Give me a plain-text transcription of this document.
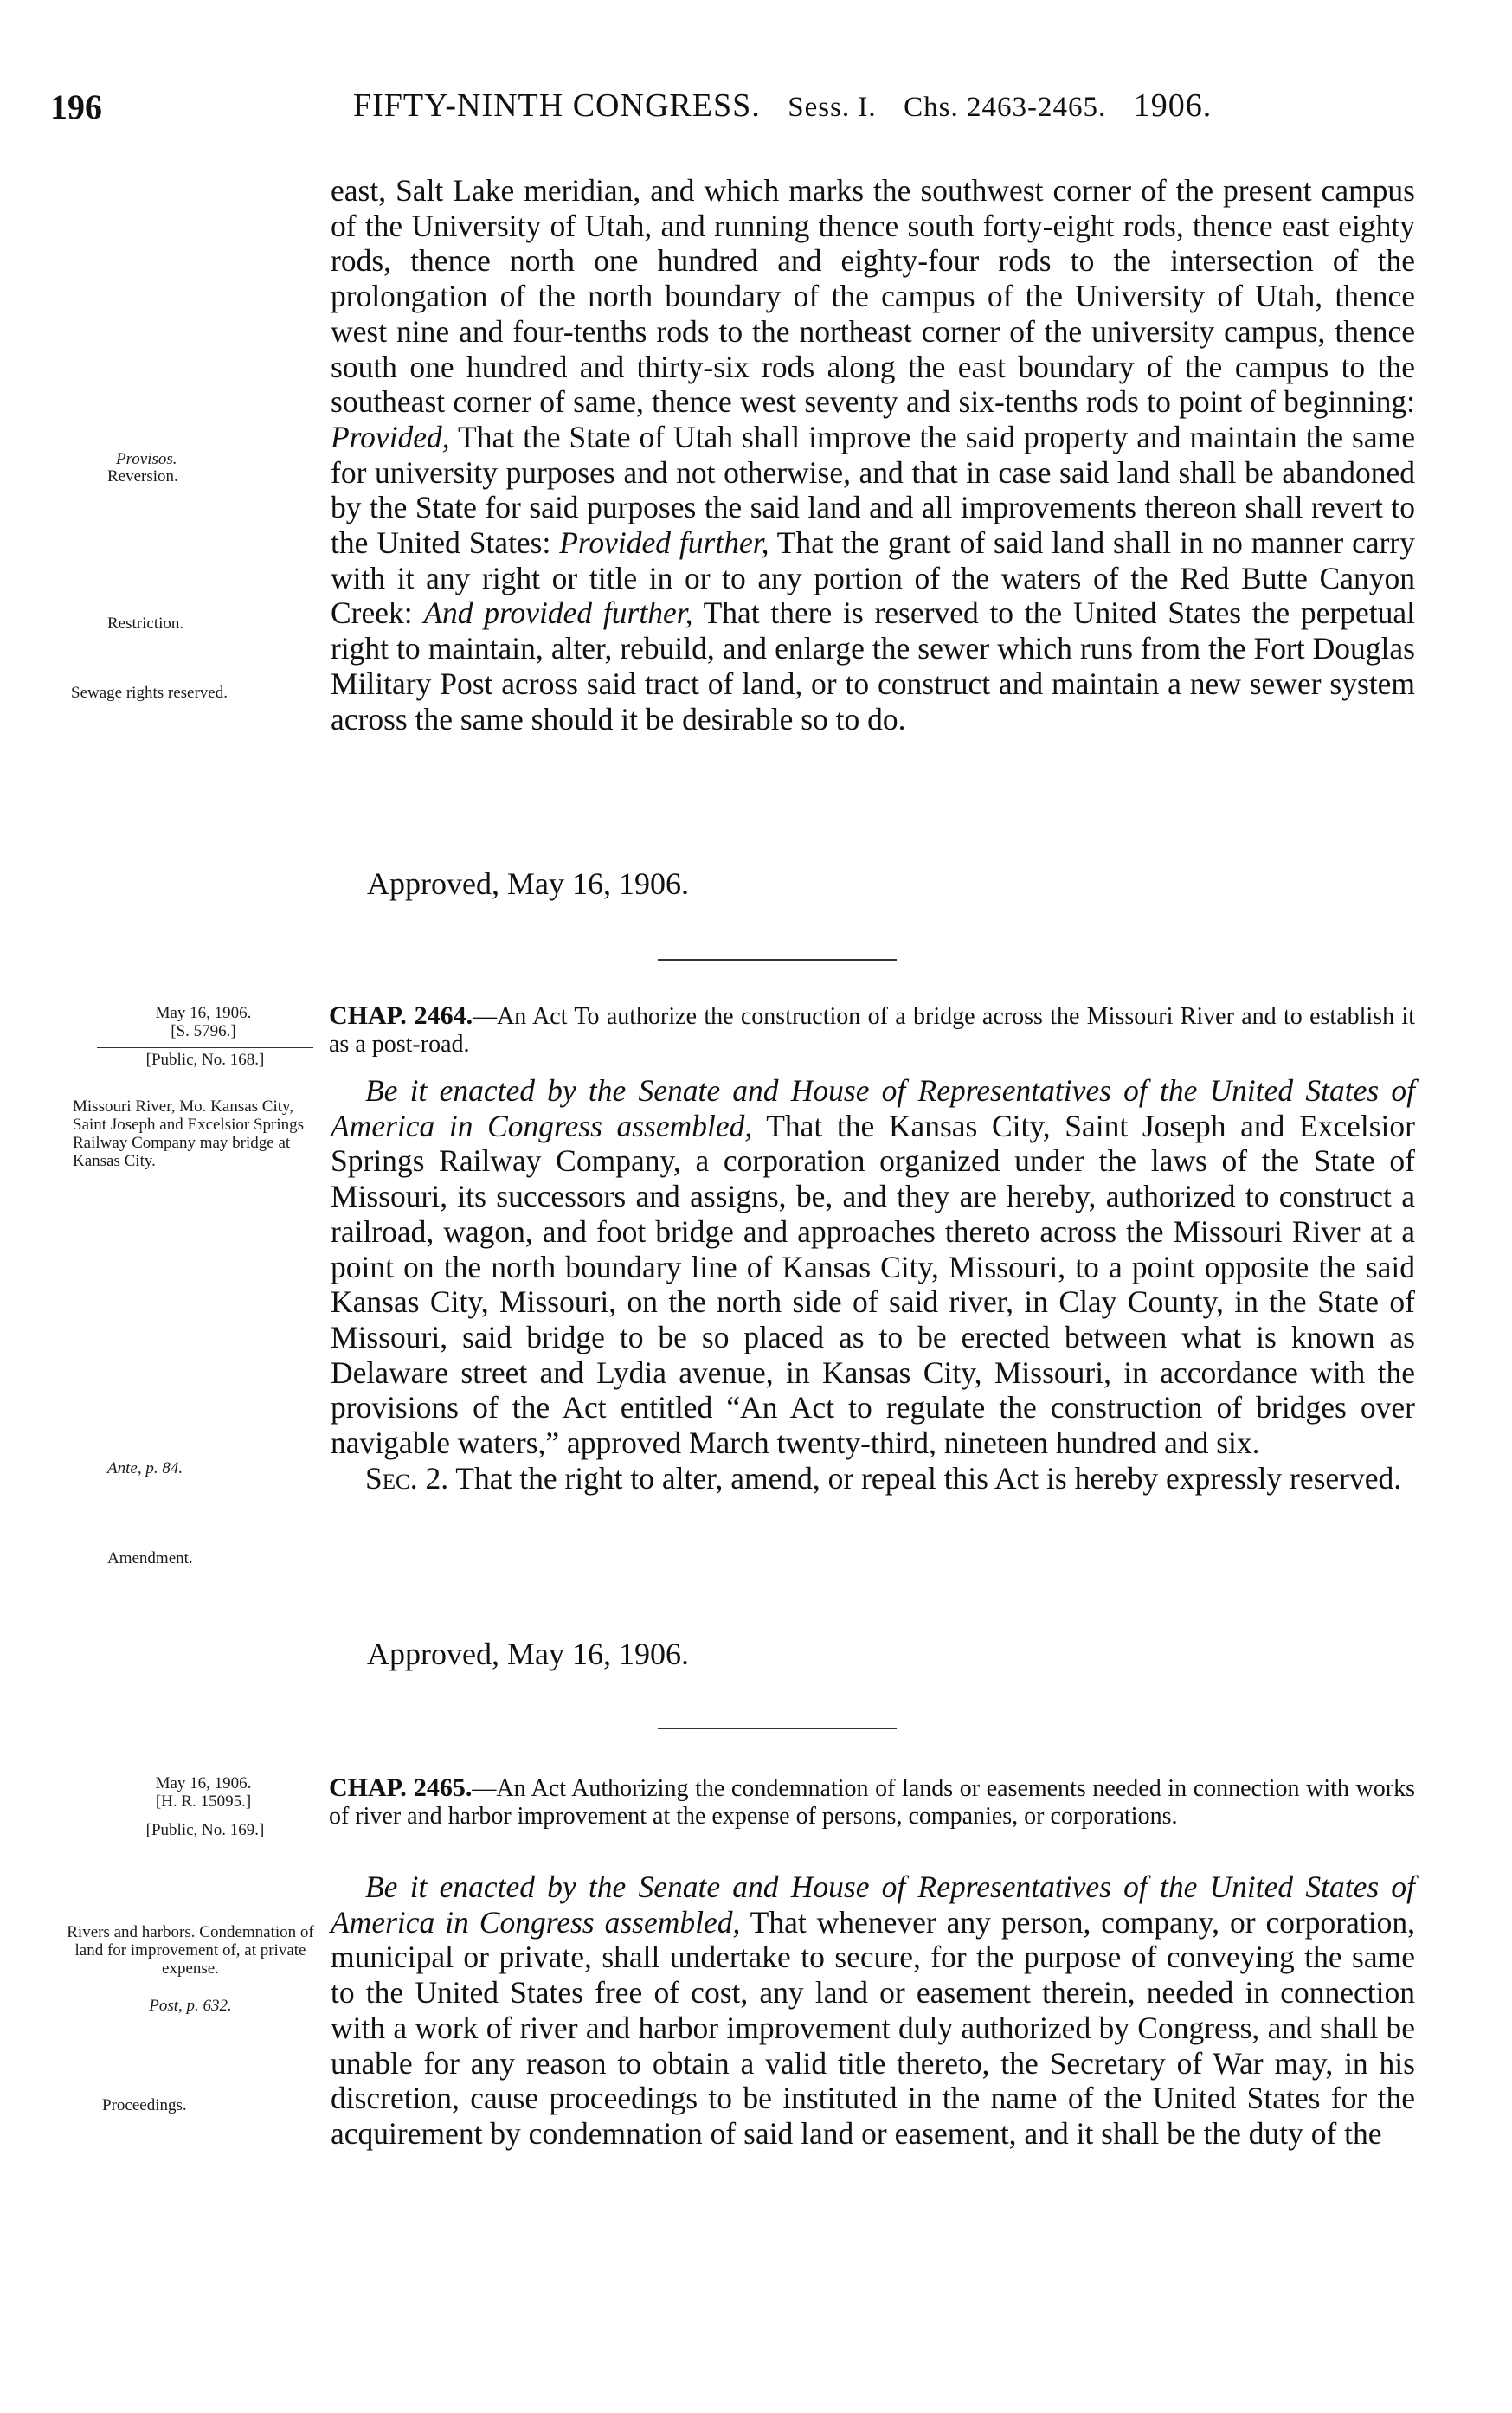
196	FIFTY-NINTH CONGRESS. Sess. I. Chs. 2463-2465. 1906.

east, Salt Lake meridian, and which marks the southwest corner of the present campus of the University of Utah, and running thence south forty-eight rods, thence east eighty rods, thence north one hundred and eighty-four rods to the intersection of the prolongation of the north boundary of the campus of the University of Utah, thence west nine and four-tenths rods to the northeast corner of the university campus, thence south one hundred and thirty-six rods along the east boundary of the campus to the southeast corner of same, thence west seventy and six-tenths rods to point of beginning: Provided, That the State of Utah shall improve the said property and maintain the same for university purposes and not otherwise, and that in case said land shall be abandoned by the State for said purposes the said land and all improvements thereon shall revert to the United States: Provided further, That the grant of said land shall in no manner carry with it any right or title in or to any portion of the waters of the Red Butte Canyon Creek: And provided further, That there is reserved to the United States the perpetual right to maintain, alter, rebuild, and enlarge the sewer which runs from the Fort Douglas Military Post across said tract of land, or to construct and maintain a new sewer system across the same should it be desirable so to do.

Approved, May 16, 1906.
Provisos.
Reversion.
Restriction.
Sewage rights reserved.
May 16, 1906.
[S. 5796.]
[Public, No. 168.]
Missouri River, Mo. Kansas City, Saint Joseph and Excelsior Springs Railway Company may bridge at Kansas City.
Ante, p. 84.
Amendment.
CHAP. 2464.—An Act To authorize the construction of a bridge across the Missouri River and to establish it as a post-road.

Be it enacted by the Senate and House of Representatives of the United States of America in Congress assembled, That the Kansas City, Saint Joseph and Excelsior Springs Railway Company, a corporation organized under the laws of the State of Missouri, its successors and assigns, be, and they are hereby, authorized to construct a railroad, wagon, and foot bridge and approaches thereto across the Missouri River at a point on the north boundary line of Kansas City, Missouri, to a point opposite the said Kansas City, Missouri, on the north side of said river, in Clay County, in the State of Missouri, said bridge to be so placed as to be erected between what is known as Delaware street and Lydia avenue, in Kansas City, Missouri, in accordance with the provisions of the Act entitled “An Act to regulate the construction of bridges over navigable waters,” approved March twenty-third, nineteen hundred and six.

Sec. 2. That the right to alter, amend, or repeal this Act is hereby expressly reserved.

Approved, May 16, 1906.
May 16, 1906.
[H. R. 15095.]
[Public, No. 169.]
Rivers and harbors. Condemnation of land for improvement of, at private expense.
Post, p. 632.
Proceedings.
CHAP. 2465.—An Act Authorizing the condemnation of lands or easements needed in connection with works of river and harbor improvement at the expense of persons, companies, or corporations.

Be it enacted by the Senate and House of Representatives of the United States of America in Congress assembled, That whenever any person, company, or corporation, municipal or private, shall undertake to secure, for the purpose of conveying the same to the United States free of cost, any land or easement therein, needed in connection with a work of river and harbor improvement duly authorized by Congress, and shall be unable for any reason to obtain a valid title thereto, the Secretary of War may, in his discretion, cause proceedings to be instituted in the name of the United States for the acquirement by condemnation of said land or easement, and it shall be the duty of the
